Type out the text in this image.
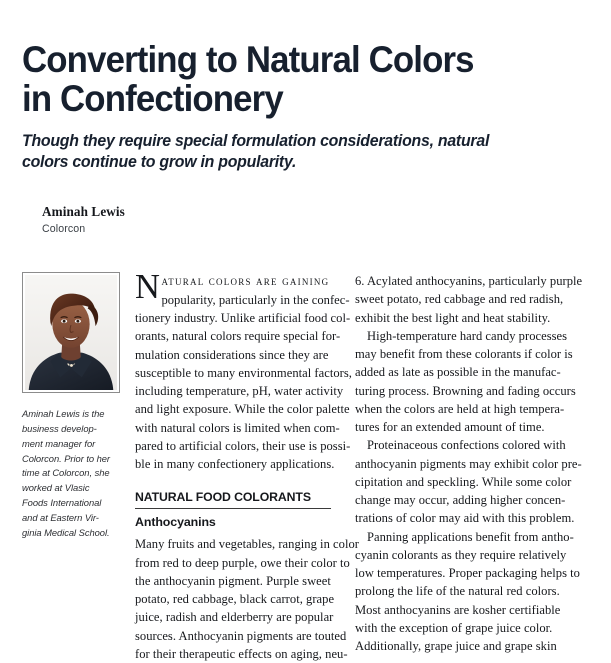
Converting to Natural Colors
in Confectionery
Though they require special formulation considerations, natural
colors continue to grow in popularity.
Aminah Lewis
Colorcon
Aminah Lewis is the
business develop-
ment manager for
Colorcon. Prior to her
time at Colorcon, she
worked at Vlasic
Foods International
and at Eastern Vir-
ginia Medical School.

Natural colors are gaining
popularity, particularly in the confec-
tionery industry. Unlike artificial food col-
orants, natural colors require special for-
mulation considerations since they are
susceptible to many environmental factors,
including temperature, pH, water activity
and light exposure. While the color palette
with natural colors is limited when com-
pared to artificial colors, their use is possi-
ble in many confectionery applications.

NATURAL FOOD COLORANTS
Anthocyanins

Many fruits and vegetables, ranging in color
from red to deep purple, owe their color to
the anthocyanin pigment. Purple sweet
potato, red cabbage, black carrot, grape
juice, radish and elderberry are popular
sources. Anthocyanin pigments are touted
for their therapeutic effects on aging, neu-

6. Acylated anthocyanins, particularly purple
sweet potato, red cabbage and red radish,
exhibit the best light and heat stability.

High-temperature hard candy processes
may benefit from these colorants if color is
added as late as possible in the manufac-
turing process. Browning and fading occurs
when the colors are held at high tempera-
tures for an extended amount of time.

Proteinaceous confections colored with
anthocyanin pigments may exhibit color pre-
cipitation and speckling. While some color
change may occur, adding higher concen-
trations of color may aid with this problem.

Panning applications benefit from antho-
cyanin colorants as they require relatively
low temperatures. Proper packaging helps to
prolong the life of the natural red colors.
Most anthocyanins are kosher certifiable
with the exception of grape juice color.
Additionally, grape juice and grape skin
